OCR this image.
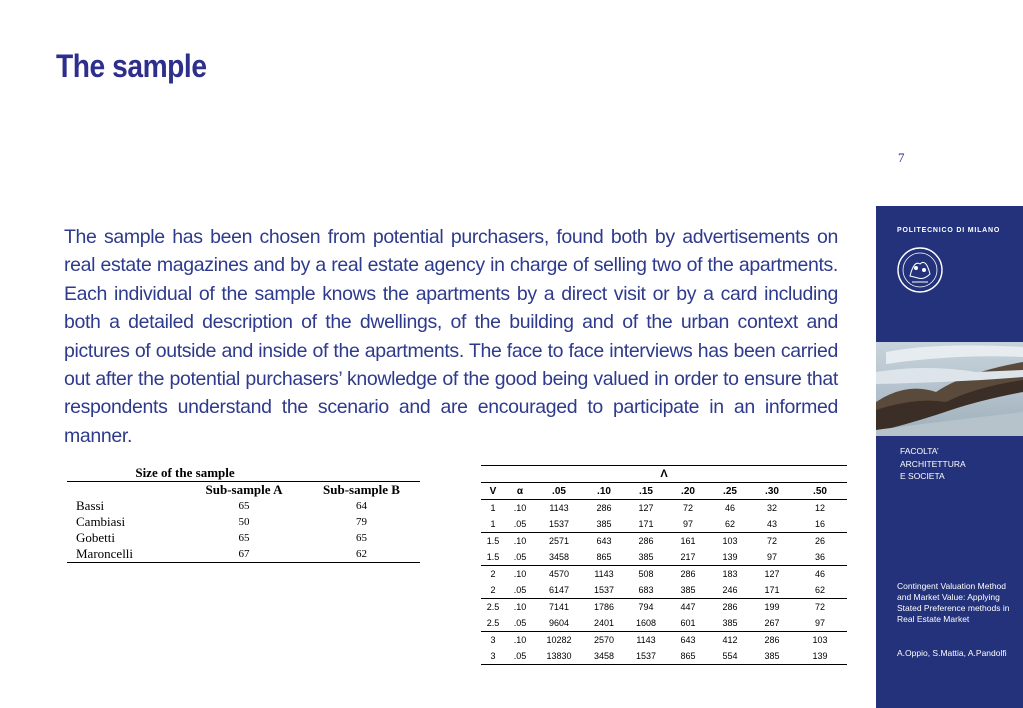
The sample
7
The sample has been chosen from potential purchasers, found both by advertisements on real estate magazines and by a real estate agency in charge of selling two of the apartments. Each individual of the sample knows the apartments by a direct visit or by a card including both a detailed description of the dwellings, of the building and of the urban context and pictures of outside and inside of the apartments. The face to face interviews has been carried out after the potential purchasers’ knowledge of the good being valued in order to ensure that respondents understand the scenario and are encouraged to participate in an informed manner.
Size of the sample		
	Sub-sample A	Sub-sample B
Bassi	65	64
Cambiasi	50	79
Gobetti	65	65
Maroncelli	67	62
Λ								
V	α	.05	.10	.15	.20	.25	.30	.50
1	.10	1143	286	127	72	46	32	12
1	.05	1537	385	171	97	62	43	16
1.5	.10	2571	643	286	161	103	72	26
1.5	.05	3458	865	385	217	139	97	36
2	.10	4570	1143	508	286	183	127	46
2	.05	6147	1537	683	385	246	171	62
2.5	.10	7141	1786	794	447	286	199	72
2.5	.05	9604	2401	1608	601	385	267	97
3	.10	10282	2570	1143	643	412	286	103
3	.05	13830	3458	1537	865	554	385	139
POLITECNICO DI MILANO
FACOLTA’
ARCHITETTURA
E SOCIETA
Contingent Valuation Method and Market Value: Applying Stated Preference methods in Real Estate Market
A.Oppio, S.Mattia, A.Pandolfi
